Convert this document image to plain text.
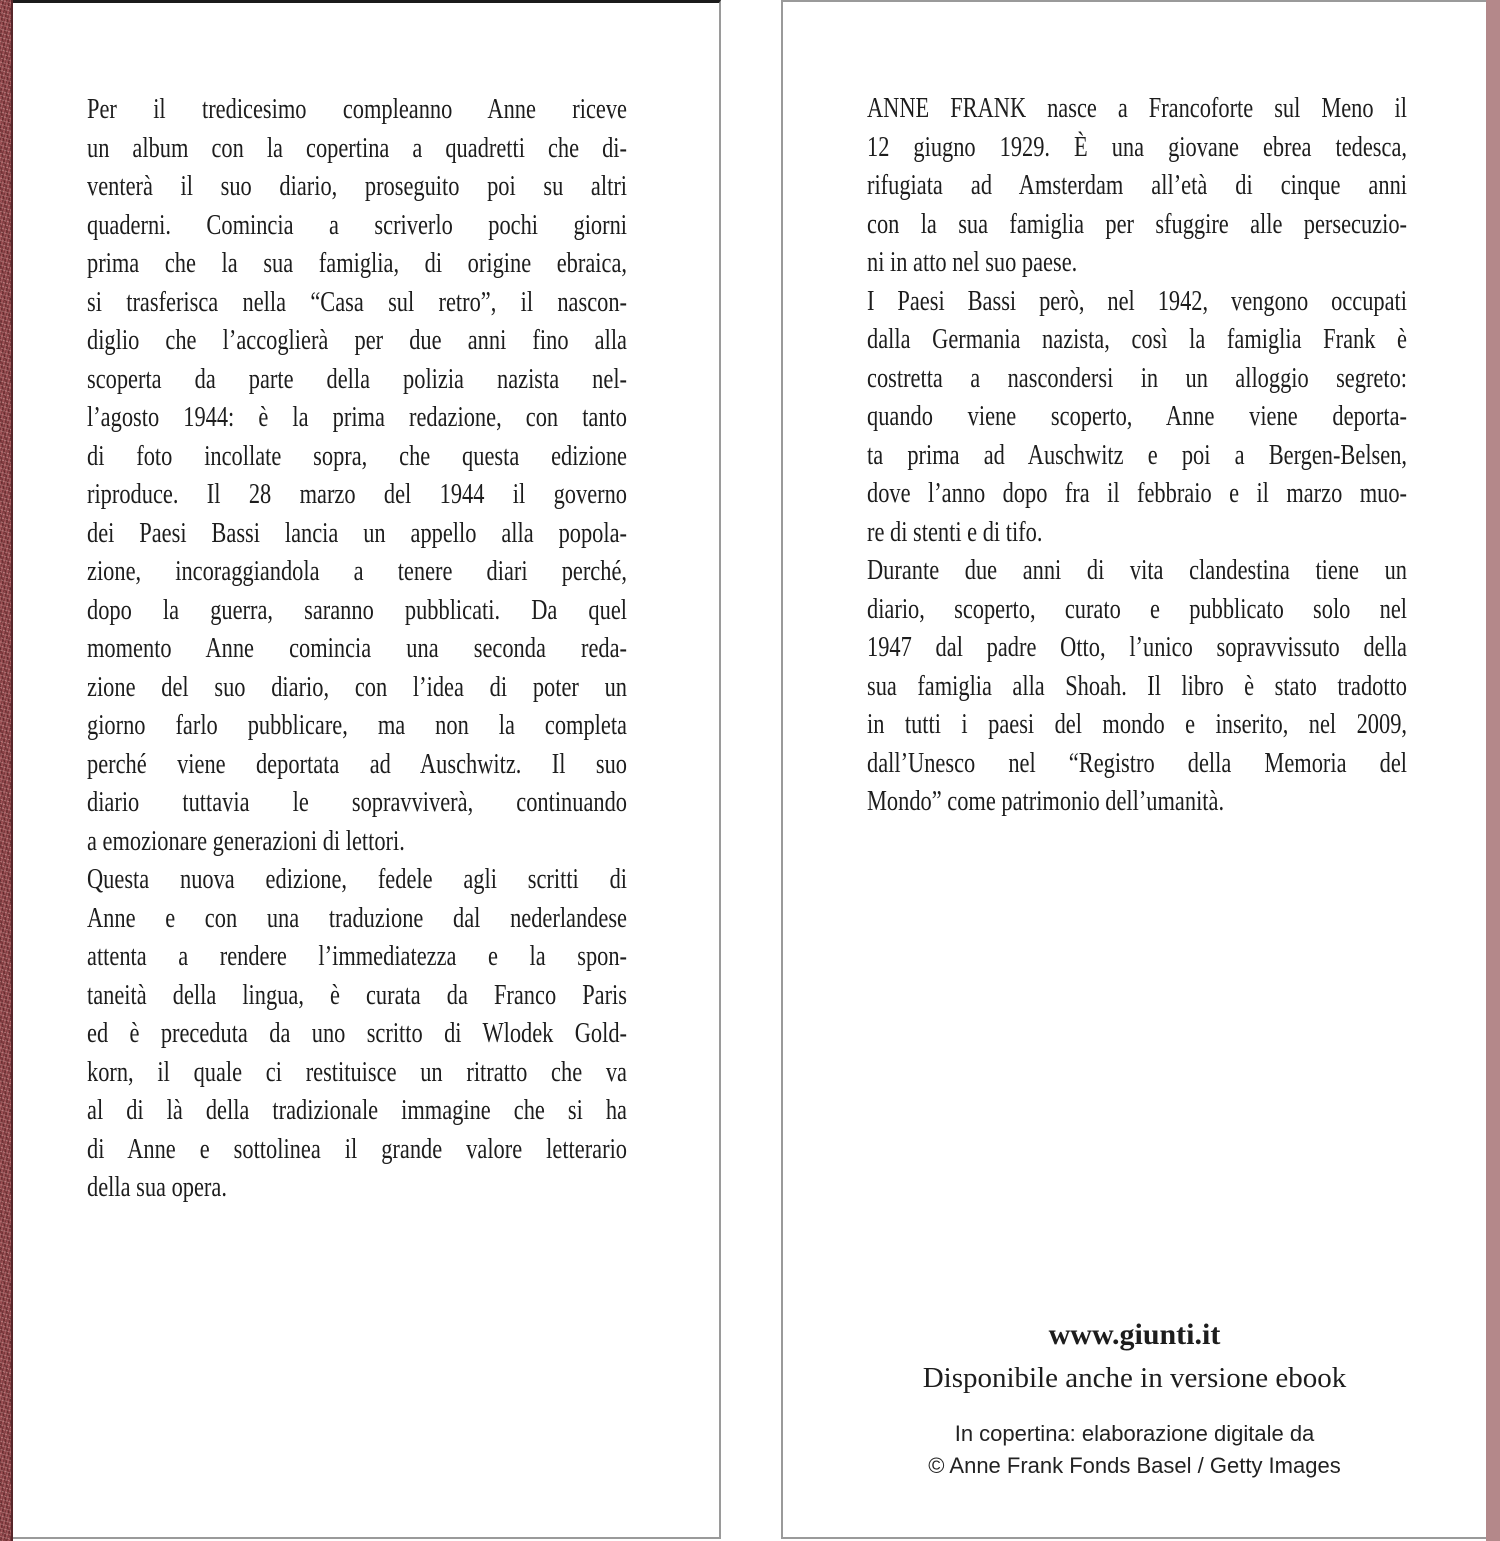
Per il tredicesimo compleanno Anne riceve
un album con la copertina a quadretti che di-
venterà il suo diario, proseguito poi su altri
quaderni. Comincia a scriverlo pochi giorni
prima che la sua famiglia, di origine ebraica,
si trasferisca nella “Casa sul retro”, il nascon-
diglio che l’accoglierà per due anni fino alla
scoperta da parte della polizia nazista nel-
l’agosto 1944: è la prima redazione, con tanto
di foto incollate sopra, che questa edizione
riproduce. Il 28 marzo del 1944 il governo
dei Paesi Bassi lancia un appello alla popola-
zione, incoraggiandola a tenere diari perché,
dopo la guerra, saranno pubblicati. Da quel
momento Anne comincia una seconda reda-
zione del suo diario, con l’idea di poter un
giorno farlo pubblicare, ma non la completa
perché viene deportata ad Auschwitz. Il suo
diario tuttavia le sopravviverà, continuando
a emozionare generazioni di lettori.
Questa nuova edizione, fedele agli scritti di
Anne e con una traduzione dal nederlandese
attenta a rendere l’immediatezza e la spon-
taneità della lingua, è curata da Franco Paris
ed è preceduta da uno scritto di Wlodek Gold-
korn, il quale ci restituisce un ritratto che va
al di là della tradizionale immagine che si ha
di Anne e sottolinea il grande valore letterario
della sua opera.
ANNE FRANK nasce a Francoforte sul Meno il
12 giugno 1929. È una giovane ebrea tedesca,
rifugiata ad Amsterdam all’età di cinque anni
con la sua famiglia per sfuggire alle persecuzio-
ni in atto nel suo paese.
I Paesi Bassi però, nel 1942, vengono occupati
dalla Germania nazista, così la famiglia Frank è
costretta a nascondersi in un alloggio segreto:
quando viene scoperto, Anne viene deporta-
ta prima ad Auschwitz e poi a Bergen-Belsen,
dove l’anno dopo fra il febbraio e il marzo muo-
re di stenti e di tifo.
Durante due anni di vita clandestina tiene un
diario, scoperto, curato e pubblicato solo nel
1947 dal padre Otto, l’unico sopravvissuto della
sua famiglia alla Shoah. Il libro è stato tradotto
in tutti i paesi del mondo e inserito, nel 2009,
dall’Unesco nel “Registro della Memoria del
Mondo” come patrimonio dell’umanità.
www.giunti.it
Disponibile anche in versione ebook
In copertina: elaborazione digitale da
© Anne Frank Fonds Basel / Getty Images
